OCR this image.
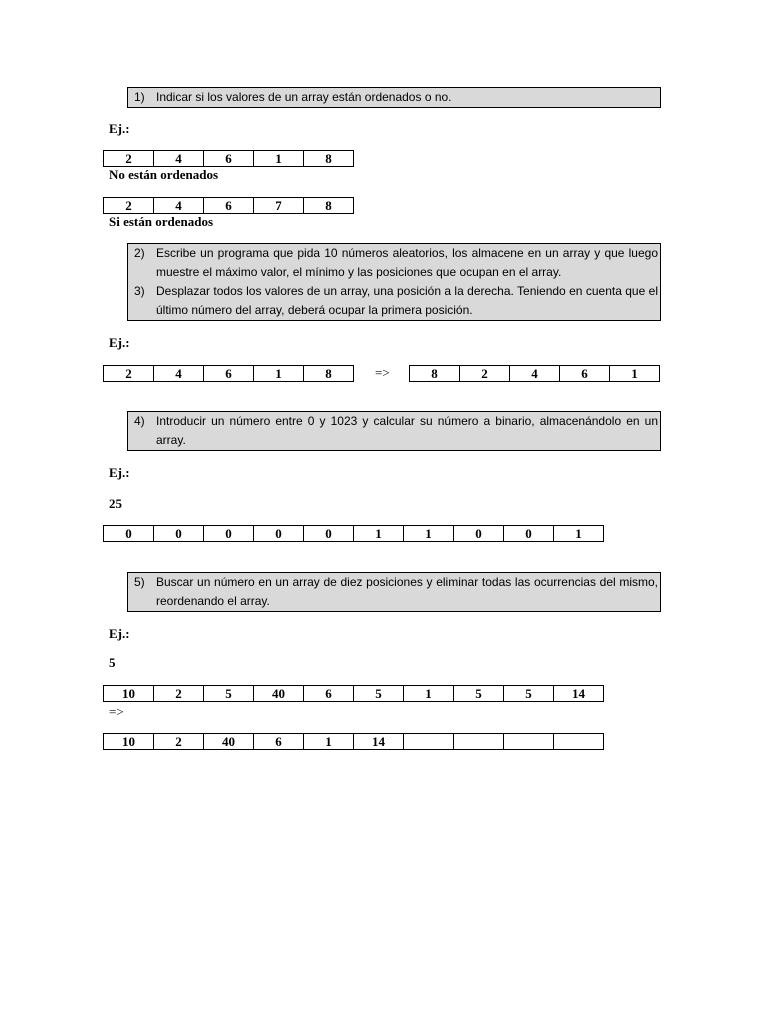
1) Indicar si los valores de un array están ordenados o no.
Ej.:
2	4	6	1	8
No están ordenados
2	4	6	7	8
Si están ordenados
2) Escribe un programa que pida 10 números aleatorios, los almacene en un array y que luego muestre el máximo valor, el mínimo y las posiciones que ocupan en el array.
3) Desplazar todos los valores de un array, una posición a la derecha. Teniendo en cuenta que el último número del array, deberá ocupar la primera posición.
Ej.:
2	4	6	1	8	=>	8	2	4	6	1
4) Introducir un número entre 0 y 1023 y calcular su número a binario, almacenándolo en un array.
Ej.:
25
0	0	0	0	0	1	1	0	0	1
5) Buscar un número en un array de diez posiciones y eliminar todas las ocurrencias del mismo, reordenando el array.
Ej.:
5
10	2	5	40	6	5	1	5	5	14
=>
10	2	40	6	1	14				
